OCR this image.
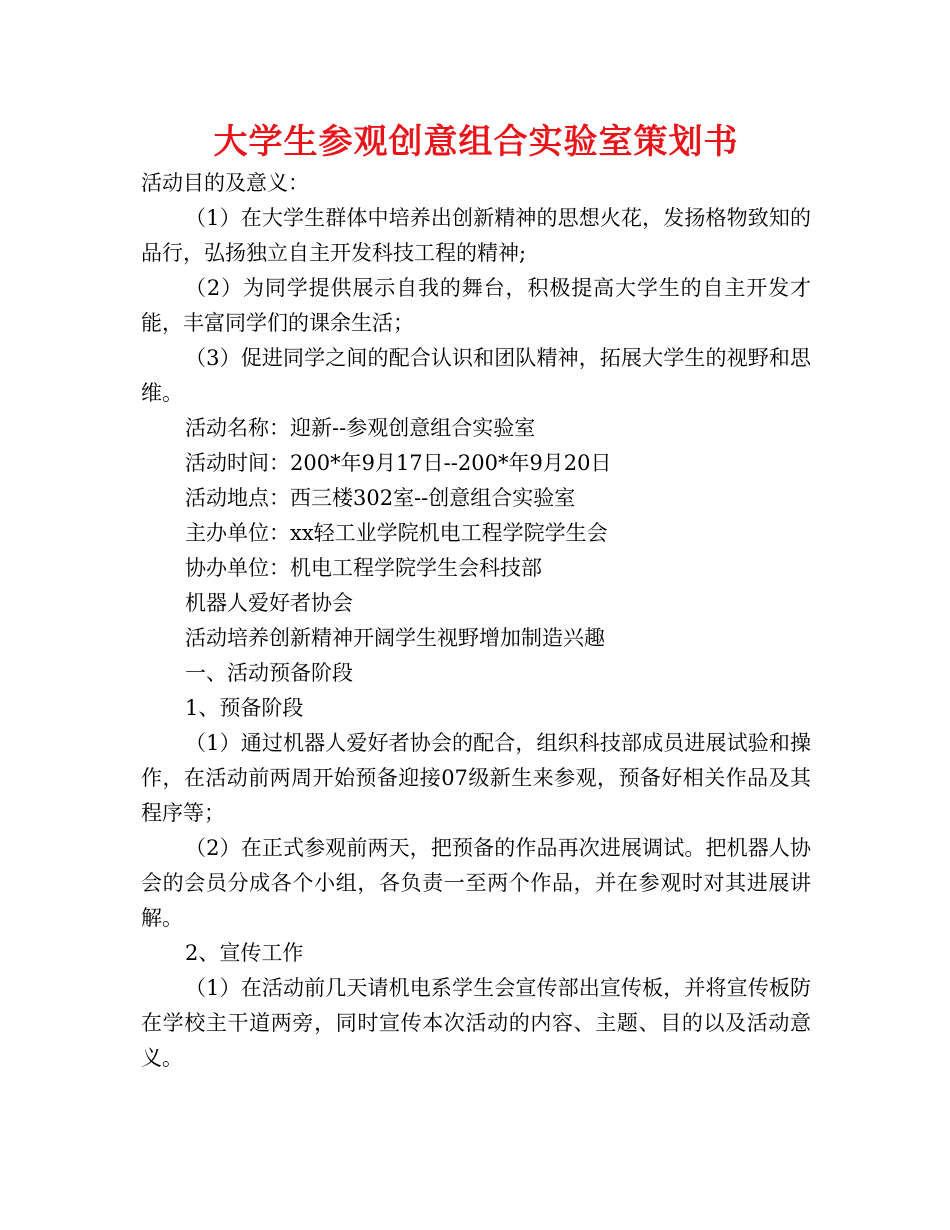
大学生参观创意组合实验室策划书

活动目的及意义：

（1）在大学生群体中培养出创新精神的思想火花，发扬格物致知的品行，弘扬独立自主开发科技工程的精神;

（2）为同学提供展示自我的舞台，积极提高大学生的自主开发才能，丰富同学们的课余生活；

（3）促进同学之间的配合认识和团队精神，拓展大学生的视野和思维。

活动名称：迎新--参观创意组合实验室

活动时间：200*年9月17日--200*年9月20日

活动地点：西三楼302室--创意组合实验室

主办单位：xx轻工业学院机电工程学院学生会

协办单位：机电工程学院学生会科技部

机器人爱好者协会

活动培养创新精神开阔学生视野增加制造兴趣

一、活动预备阶段

1、预备阶段

（1）通过机器人爱好者协会的配合，组织科技部成员进展试验和操作，在活动前两周开始预备迎接07级新生来参观，预备好相关作品及其程序等；

（2）在正式参观前两天，把预备的作品再次进展调试。把机器人协会的会员分成各个小组，各负责一至两个作品，并在参观时对其进展讲解。

2、宣传工作

（1）在活动前几天请机电系学生会宣传部出宣传板，并将宣传板防在学校主干道两旁，同时宣传本次活动的内容、主题、目的以及活动意义。
